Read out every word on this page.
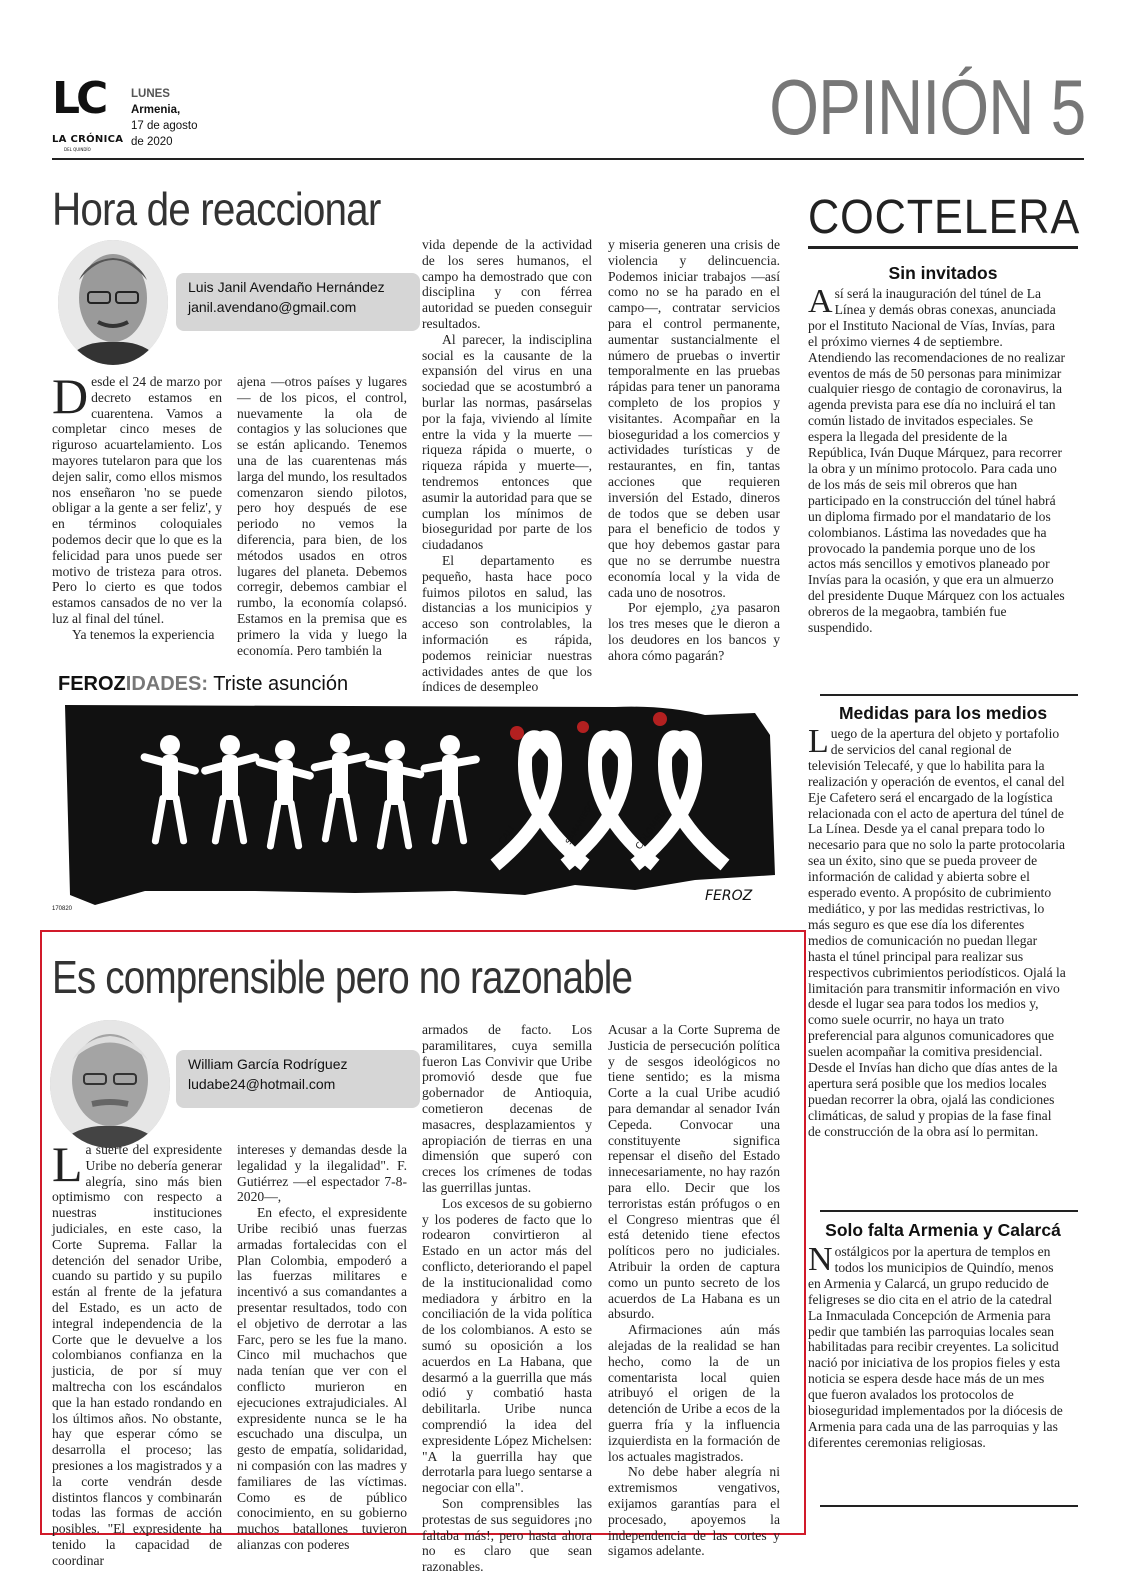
LC
LA CRÓNICA
DEL QUINDÍO
LUNES
Armenia,
17 de agosto
de 2020	OPINIÓN 5
Hora de reaccionar
Luis Janil Avendaño Hernández
janil.avendano@gmail.com

Desde el 24 de marzo por decreto estamos en cuarentena. Vamos a completar cinco meses de riguroso acuartelamiento. Los mayores tutelaron para que los dejen salir, como ellos mismos nos enseñaron 'no se puede obligar a la gente a ser feliz', y en términos coloquiales podemos decir que lo que es la felicidad para unos puede ser motivo de tristeza para otros. Pero lo cierto es que todos estamos cansados de no ver la luz al final del túnel.

Ya tenemos la experiencia

ajena —otros países y lugares— de los picos, el control, nuevamente la ola de contagios y las soluciones que se están aplicando. Tenemos una de las cuarentenas más larga del mundo, los resultados comenzaron siendo pilotos, pero hoy después de ese periodo no vemos la diferencia, para bien, de los métodos usados en otros lugares del planeta. Debemos corregir, debemos cambiar el rumbo, la economía colapsó. Estamos en la premisa que es primero la vida y luego la economía. Pero también la

vida depende de la actividad de los seres humanos, el campo ha demostrado que con disciplina y con férrea autoridad se pueden conseguir resultados.

Al parecer, la indisciplina social es la causante de la expansión del virus en una sociedad que se acostumbró a burlar las normas, pasárselas por la faja, viviendo al límite entre la vida y la muerte —riqueza rápida o muerte, o riqueza rápida y muerte—, tendremos entonces que asumir la autoridad para que se cumplan los mínimos de bioseguridad por parte de los ciudadanos

El departamento es pequeño, hasta hace poco fuimos pilotos en salud, las distancias a los municipios y acceso son controlables, la información es rápida, podemos reiniciar nuestras actividades antes de que los índices de desempleo

y miseria generen una crisis de violencia y delincuencia. Podemos iniciar trabajos —así como no se ha parado en el campo—, contratar servicios para el control permanente, aumentar sustancialmente el número de pruebas o invertir temporalmente en las pruebas rápidas para tener un panorama completo de los propios y visitantes. Acompañar en la bioseguridad a los comercios y actividades turísticas y de restaurantes, en fin, tantas acciones que requieren inversión del Estado, dineros de todos que se deben usar para el beneficio de todos y que hoy debemos gastar para que no se derrumbe nuestra economía local y la vida de cada uno de nosotros.

Por ejemplo, ¿ya pasaron los tres meses que le dieron a los deudores en los bancos y ahora cómo pagarán?

FEROZIDADES: Triste asunción
CALI	SAMANIEGO	COLOMBIA
FEROZ
170820
Es comprensible pero no razonable
William García Rodríguez
ludabe24@hotmail.com

La suerte del expresidente Uribe no debería generar alegría, sino más bien optimismo con respecto a nuestras instituciones judiciales, en este caso, la Corte Suprema. Fallar la detención del senador Uribe, cuando su partido y su pupilo están al frente de la jefatura del Estado, es un acto de integral independencia de la Corte que le devuelve a los colombianos confianza en la justicia, de por sí muy maltrecha con los escándalos que la han estado rondando en los últimos años. No obstante, hay que esperar cómo se desarrolla el proceso; las presiones a los magistrados y a la corte vendrán desde distintos flancos y combinarán todas las formas de acción posibles. "El expresidente ha tenido la capacidad de coordinar

intereses y demandas desde la legalidad y la ilegalidad". F. Gutiérrez —el espectador 7-8-2020—,

En efecto, el expresidente Uribe recibió unas fuerzas armadas fortalecidas con el Plan Colombia, empoderó a las fuerzas militares e incentivó a sus comandantes a presentar resultados, todo con el objetivo de derrotar a las Farc, pero se les fue la mano. Cinco mil muchachos que nada tenían que ver con el conflicto murieron en ejecuciones extrajudiciales. Al expresidente nunca se le ha escuchado una disculpa, un gesto de empatía, solidaridad, ni compasión con las madres y familiares de las víctimas. Como es de público conocimiento, en su gobierno muchos batallones tuvieron alianzas con poderes

armados de facto. Los paramilitares, cuya semilla fueron Las Convivir que Uribe promovió desde que fue gobernador de Antioquia, cometieron decenas de masacres, desplazamientos y apropiación de tierras en una dimensión que superó con creces los crímenes de todas las guerrillas juntas.

Los excesos de su gobierno y los poderes de facto que lo rodearon convirtieron al Estado en un actor más del conflicto, deteriorando el papel de la institucionalidad como mediadora y árbitro en la conciliación de la vida política de los colombianos. A esto se sumó su oposición a los acuerdos en La Habana, que desarmó a la guerrilla que más odió y combatió hasta debilitarla. Uribe nunca comprendió la idea del expresidente López Michelsen: "A la guerrilla hay que derrotarla para luego sentarse a negociar con ella".

Son comprensibles las protestas de sus seguidores ¡no faltaba más!, pero hasta ahora no es claro que sean razonables.

Acusar a la Corte Suprema de Justicia de persecución política y de sesgos ideológicos no tiene sentido; es la misma Corte a la cual Uribe acudió para demandar al senador Iván Cepeda. Convocar una constituyente significa repensar el diseño del Estado innecesariamente, no hay razón para ello. Decir que los terroristas están prófugos o en el Congreso mientras que él está detenido tiene efectos políticos pero no judiciales. Atribuir la orden de captura como un punto secreto de los acuerdos de La Habana es un absurdo.

Afirmaciones aún más alejadas de la realidad se han hecho, como la de un comentarista local quien atribuyó el origen de la detención de Uribe a ecos de la guerra fría y la influencia izquierdista en la formación de los actuales magistrados.

No debe haber alegría ni extremismos vengativos, exijamos garantías para el procesado, apoyemos la independencia de las cortes y sigamos adelante.

COCTELERA
Sin invitados
Así será la inauguración del túnel de La Línea y demás obras conexas, anunciada por el Instituto Nacional de Vías, Invías, para el próximo viernes 4 de septiembre. Atendiendo las recomendaciones de no realizar eventos de más de 50 personas para minimizar cualquier riesgo de contagio de coronavirus, la agenda prevista para ese día no incluirá el tan común listado de invitados especiales. Se espera la llegada del presidente de la República, Iván Duque Márquez, para recorrer la obra y un mínimo protocolo. Para cada uno de los más de seis mil obreros que han participado en la construcción del túnel habrá un diploma firmado por el mandatario de los colombianos. Lástima las novedades que ha provocado la pandemia porque uno de los actos más sencillos y emotivos planeado por Invías para la ocasión, y que era un almuerzo del presidente Duque Márquez con los actuales obreros de la megaobra, también fue suspendido.
Medidas para los medios
Luego de la apertura del objeto y portafolio de servicios del canal regional de televisión Telecafé, y que lo habilita para la realización y operación de eventos, el canal del Eje Cafetero será el encargado de la logística relacionada con el acto de apertura del túnel de La Línea. Desde ya el canal prepara todo lo necesario para que no solo la parte protocolaria sea un éxito, sino que se pueda proveer de información de calidad y abierta sobre el esperado evento. A propósito de cubrimiento mediático, y por las medidas restrictivas, lo más seguro es que ese día los diferentes medios de comunicación no puedan llegar hasta el túnel principal para realizar sus respectivos cubrimientos periodísticos. Ojalá la limitación para transmitir información en vivo desde el lugar sea para todos los medios y, como suele ocurrir, no haya un trato preferencial para algunos comunicadores que suelen acompañar la comitiva presidencial. Desde el Invías han dicho que días antes de la apertura será posible que los medios locales puedan recorrer la obra, ojalá las condiciones climáticas, de salud y propias de la fase final de construcción de la obra así lo permitan.
Solo falta Armenia y Calarcá
Nostálgicos por la apertura de templos en todos los municipios de Quindío, menos en Armenia y Calarcá, un grupo reducido de feligreses se dio cita en el atrio de la catedral La Inmaculada Concepción de Armenia para pedir que también las parroquias locales sean habilitadas para recibir creyentes. La solicitud nació por iniciativa de los propios fieles y esta noticia se espera desde hace más de un mes que fueron avalados los protocolos de bioseguridad implementados por la diócesis de Armenia para cada una de las parroquias y las diferentes ceremonias religiosas.
